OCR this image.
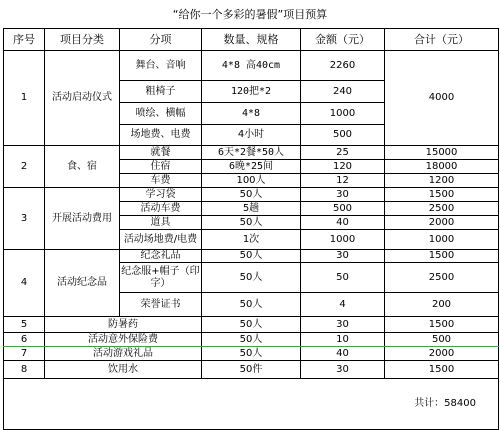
“给你一个多彩的暑假”项目预算
序号	项目分类	分项	数量、规格	金额（元）	合计（元）
1	活动启动仪式	舞台、音响	4*8 高40cm	2260	4000
		粗椅子	120把*2	240	
		喷绘、横幅	4*8	1000	
		场地费、电费	4小时	500	
2	食、宿	就餐	6天*2餐*50人	25	15000
		住宿	6晚*25间	120	18000
		车费	100人	12	1200
3	开展活动费用	学习袋	50人	30	1500
		活动车费	5趟	500	2500
		道具	50人	40	2000
		活动场地费/电费	1次	1000	1000
4	活动纪念品	纪念礼品	50人	30	1500
		纪念服+帽子（印字）	50人	50	2500
		荣誉证书	50人	4	200
5	防暑药		50人	30	1500
6	活动意外保险费		50人	10	500
7	活动游戏礼品		50人	40	2000
8	饮用水		50件	30	1500
共计：58400					
